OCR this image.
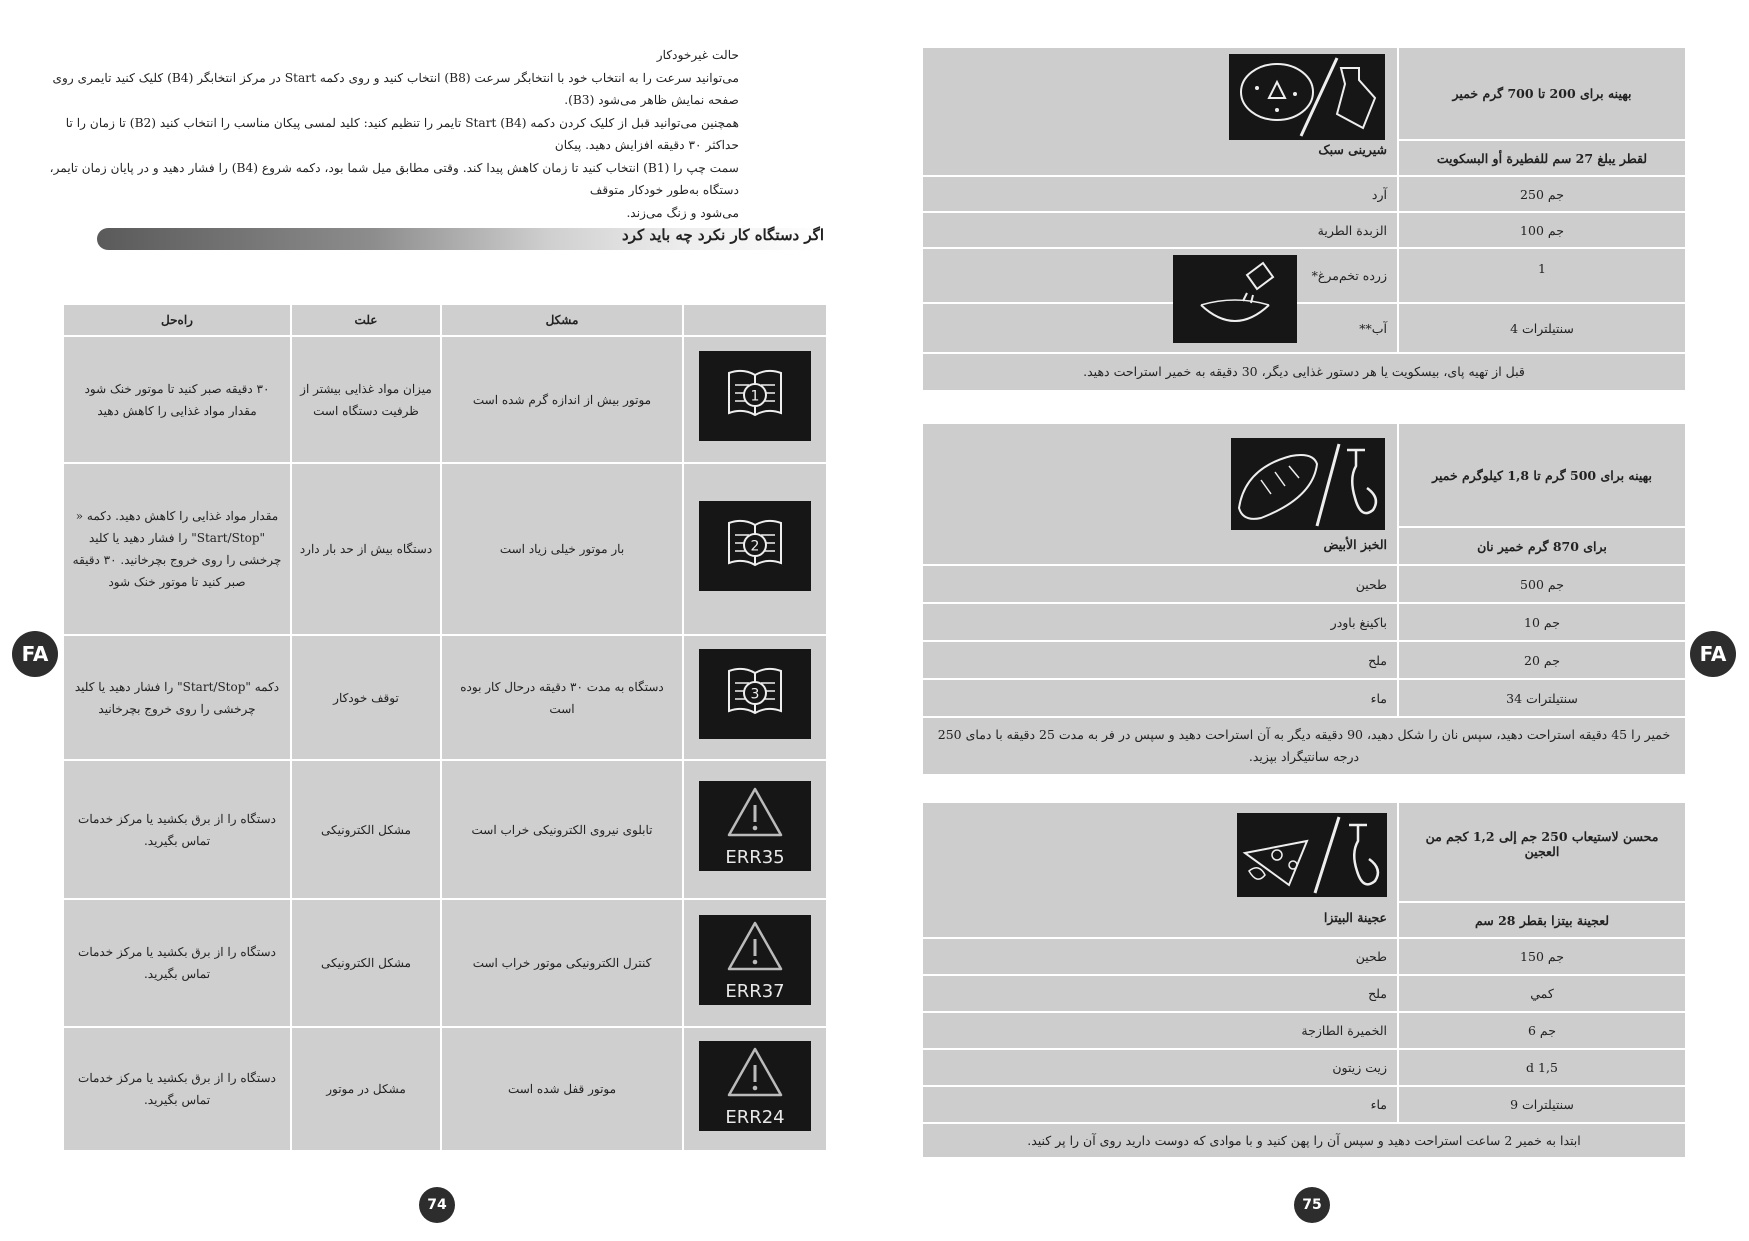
حالت غیرخودکار
می‌توانید سرعت را به انتخاب خود با انتخابگر سرعت (B8) انتخاب کنید و روی دکمه Start در مرکز انتخابگر (B4) کلیک کنید تایمری روی صفحه نمایش ظاهر می‌شود (B3).
همچنین می‌توانید قبل از کلیک کردن دکمه Start (B4) تایمر را تنظیم کنید: کلید لمسی پیکان مناسب را انتخاب کنید (B2) تا زمان را تا حداکثر ۳۰ دقیقه افزایش دهید. پیکان
سمت چپ را (B1) انتخاب کنید تا زمان کاهش پیدا کند. وقتی مطابق میل شما بود، دکمه شروع (B4) را فشار دهید و در پایان زمان تایمر، دستگاه به‌طور خودکار متوقف
می‌شود و زنگ می‌زند.
اگر دستگاه کار نکرد چه باید کرد
راه‌حل	علت	مشکل	
۳۰ دقیقه صبر کنید تا موتور خنک شود مقدار مواد غذایی را کاهش دهید	میزان مواد غذایی بیشتر از ظرفیت دستگاه است	موتور بیش از اندازه گرم شده است	1

مقدار مواد غذایی را کاهش دهید. دکمه « "Start/Stop" را فشار دهید یا کلید چرخشی را روی خروج بچرخانید. ۳۰ دقیقه صبر کنید تا موتور خنک شود	دستگاه بیش از حد بار دارد	بار موتور خیلی زیاد است	2

دکمه "Start/Stop" را فشار دهید یا کلید چرخشی را روی خروج بچرخانید	توقف خودکار	دستگاه به مدت ۳۰ دقیقه درحال کار بوده است	3

دستگاه را از برق بکشید یا مرکز خدمات تماس بگیرید.	مشکل الکترونیکی	تابلوی نیروی الکترونیکی خراب است	ERR35

دستگاه را از برق بکشید یا مرکز خدمات تماس بگیرید.	مشکل الکترونیکی	کنترل الکترونیکی موتور خراب است	ERR37

دستگاه را از برق بکشید یا مرکز خدمات تماس بگیرید.	مشکل در موتور	موتور قفل شده است	ERR24
FA
74
شیرینی سبک	بهینه برای 200 تا 700 گرم خمیر
	لقطر يبلغ 27 سم للفطيرة أو البسكويت
آرد	جم 250
الزبدة الطرية	جم 100
زرده تخم‌مرغ*	1
آب**	سنتيلترات 4
قبل از تهیه پای، بیسکویت یا هر دستور غذایی دیگر، 30 دقیقه به خمیر استراحت دهید.	
الخبز الأبيض	بهینه برای 500 گرم تا 1,8 کیلوگرم خمیر
	برای 870 گرم خمیر نان
طحين	جم 500
باكينغ باودر	جم 10
ملح	جم 20
ماء	سنتيلترات 34
خمیر را 45 دقیقه استراحت دهید، سپس نان را شکل دهید، 90 دقیقه دیگر به آن استراحت دهید و سپس در فر به مدت 25 دقیقه با دمای 250 درجه سانتیگراد بپزید.	
عجينة البيتزا	محسن لاستيعاب 250 جم إلى 1,2 كجم من العجين
	لعجينة بيتزا بقطر 28 سم
طحين	جم 150
ملح	كمي
الخميرة الطازجة	جم 6
زيت زيتون	1,5 d
ماء	سنتيلترات 9
ابتدا به خمیر 2 ساعت استراحت دهید و سپس آن را پهن کنید و با موادی که دوست دارید روی آن را پر کنید.	
FA
75
